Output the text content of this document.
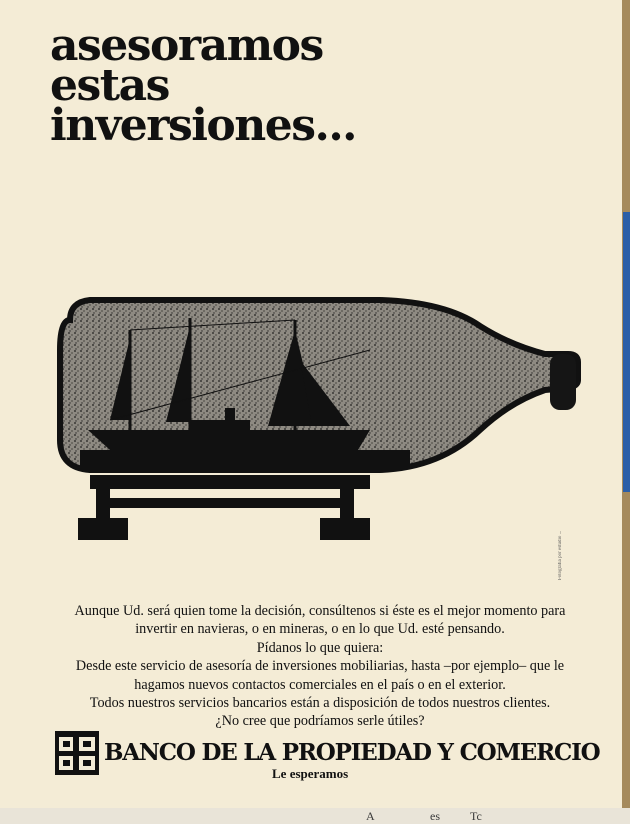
asesoramos
estas
inversiones...
Fotografía por estudio ...

Aunque Ud. será quien tome la decisión, consúltenos si éste es el mejor momento para

invertir en navieras, o en mineras, o en lo que Ud. esté pensando.

Pídanos lo que quiera:

Desde este servicio de asesoría de inversiones mobiliarias, hasta –por ejemplo– que le

hagamos nuevos contactos comerciales en el país o en el exterior.

Todos nuestros servicios bancarios están a disposición de todos nuestros clientes.

¿No cree que podríamos serle útiles?

BANCO DE LA PROPIEDAD Y COMERCIO
Le esperamos
A	es	Tc
